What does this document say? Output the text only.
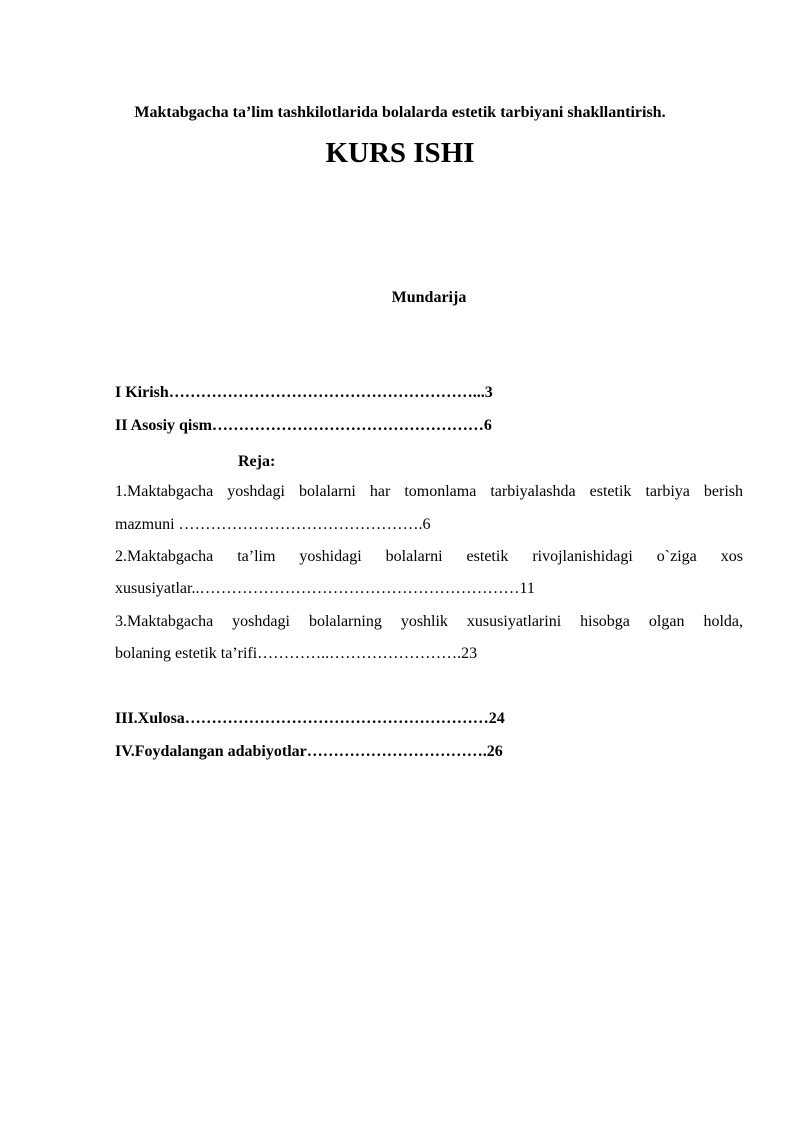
Maktabgacha ta’lim tashkilotlarida bolalarda estetik tarbiyani shakllantirish.
KURS ISHI
Mundarija
I Kirish…………………………………………………...3
II Asosiy qism……………………………………………6
Reja:
1.Maktabgacha yoshdagi bolalarni har tomonlama tarbiyalashda estetik tarbiya berish
mazmuni ……………………………………….6
2.Maktabgacha ta’lim yoshidagi bolalarni estetik rivojlanishidagi o`ziga xos
xususiyatlar..……………………………………………………11
3.Maktabgacha yoshdagi bolalarning yoshlik xususiyatlarini hisobga olgan holda,
bolaning estetik ta’rifi…………..…………………….23
III.Xulosa…………………………………………………24
IV.Foydalangan adabiyotlar…………………………….26
